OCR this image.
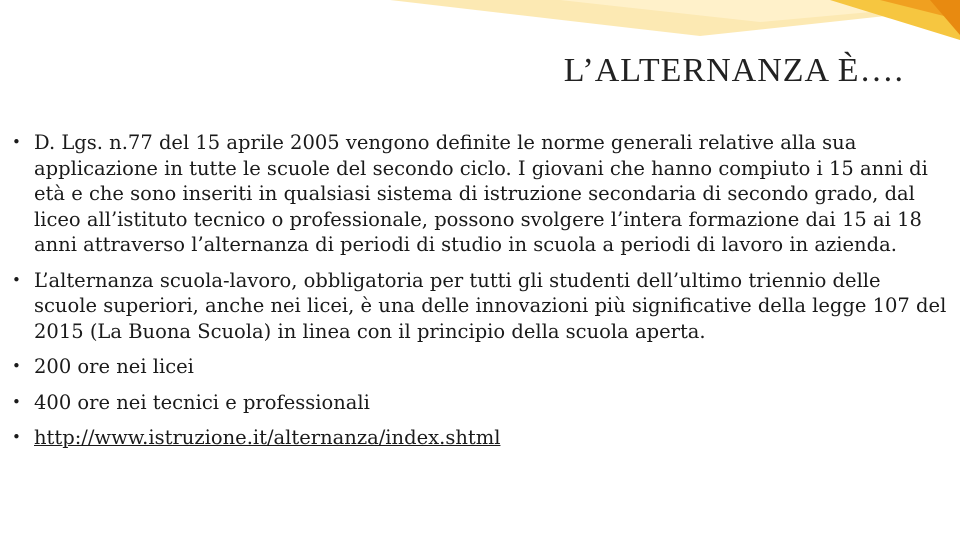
L’ALTERNANZA È….
• D. Lgs. n.77 del 15 aprile 2005 vengono definite le norme generali relative alla sua applicazione in tutte le scuole del secondo ciclo. I giovani che hanno compiuto i 15 anni di età e che sono inseriti in qualsiasi sistema di istruzione secondaria di secondo grado, dal liceo all’istituto tecnico o professionale, possono svolgere l’intera formazione dai 15 ai 18 anni attraverso l’alternanza di periodi di studio in scuola a periodi di lavoro in azienda.
• L’alternanza scuola-lavoro, obbligatoria per tutti gli studenti dell’ultimo triennio delle scuole superiori, anche nei licei, è una delle innovazioni più significative della legge 107 del 2015 (La Buona Scuola) in linea con il principio della scuola aperta.
• 200 ore nei licei
• 400 ore nei tecnici e professionali
• http://www.istruzione.it/alternanza/index.shtml
